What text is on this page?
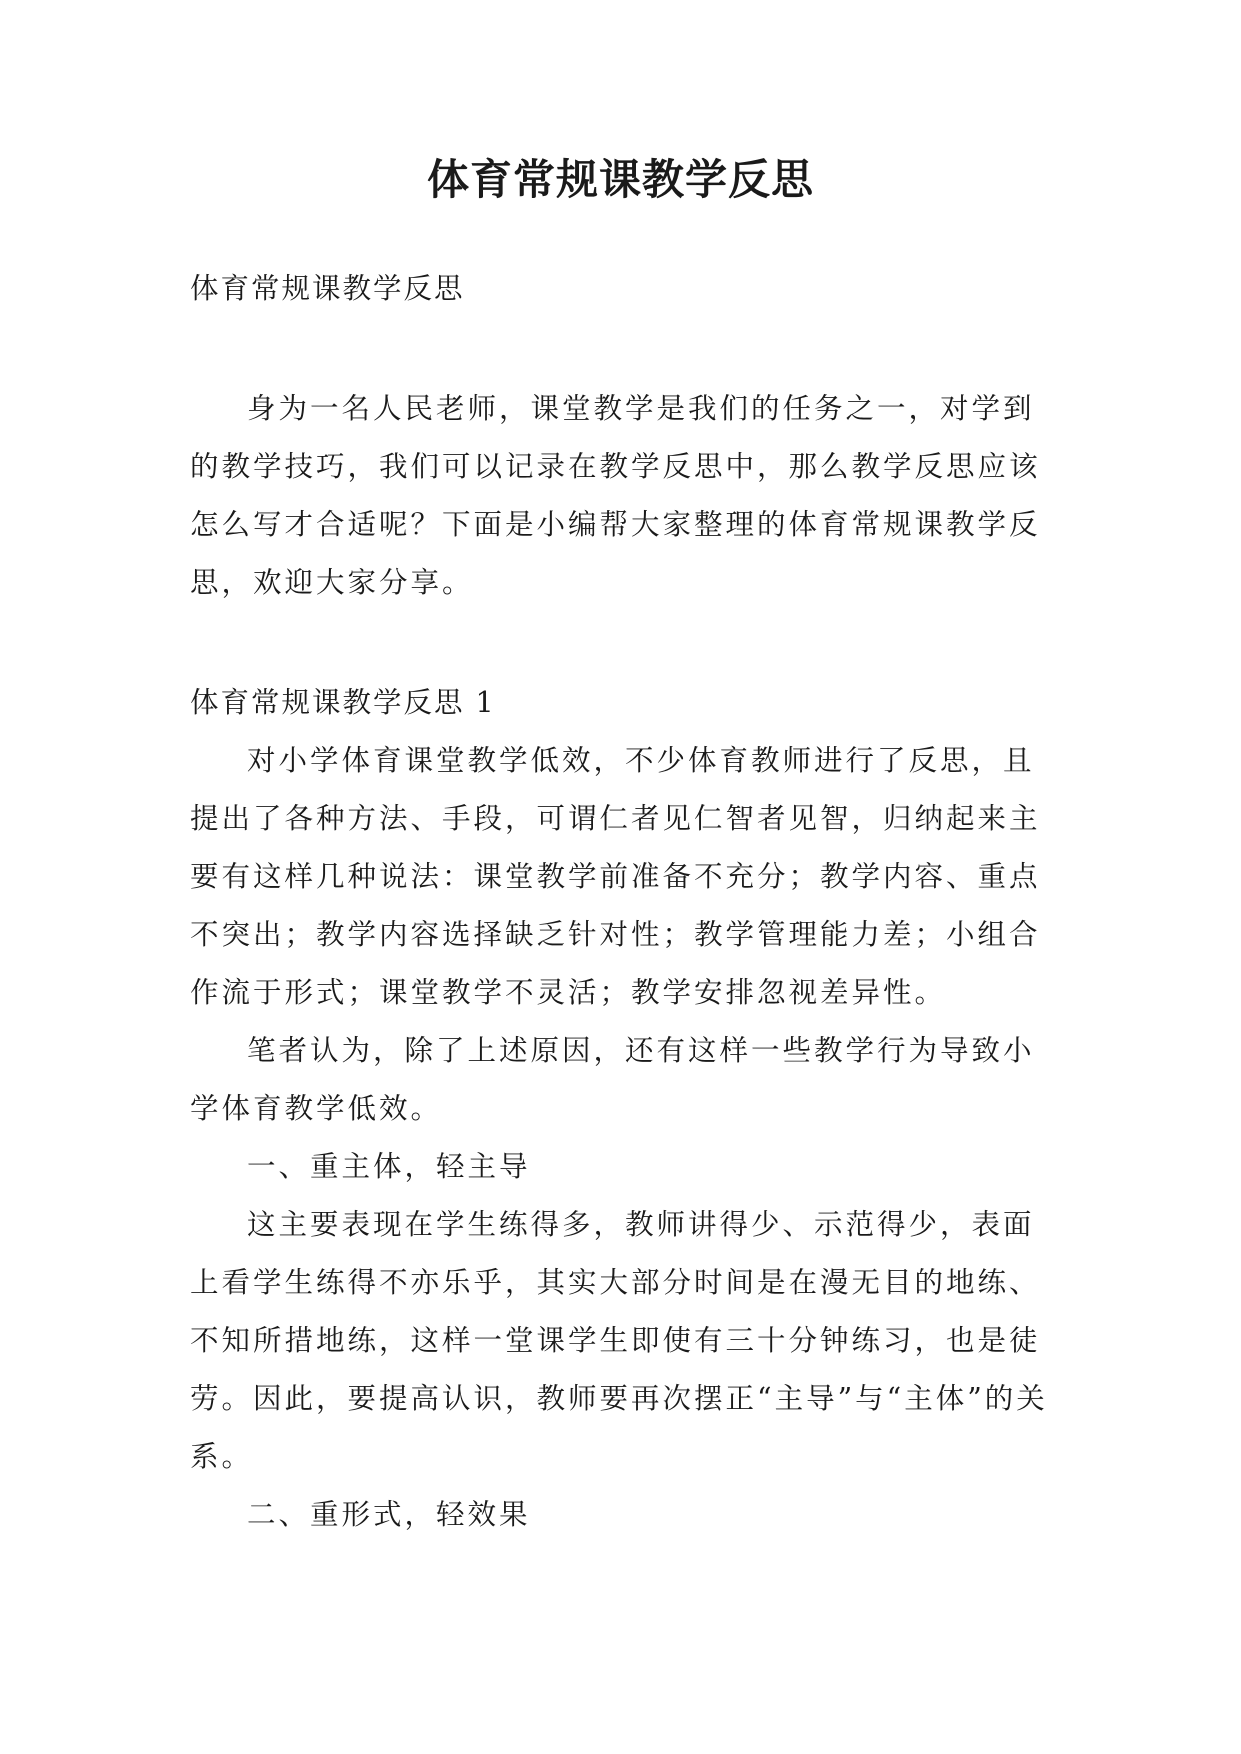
体育常规课教学反思

体育常规课教学反思

身为一名人民老师，课堂教学是我们的任务之一，对学到的教学技巧，我们可以记录在教学反思中，那么教学反思应该怎么写才合适呢？下面是小编帮大家整理的体育常规课教学反思，欢迎大家分享。

体育常规课教学反思 1

对小学体育课堂教学低效，不少体育教师进行了反思，且提出了各种方法、手段，可谓仁者见仁智者见智，归纳起来主要有这样几种说法：课堂教学前准备不充分；教学内容、重点不突出；教学内容选择缺乏针对性；教学管理能力差；小组合作流于形式；课堂教学不灵活；教学安排忽视差异性。

笔者认为，除了上述原因，还有这样一些教学行为导致小学体育教学低效。

一、重主体，轻主导

这主要表现在学生练得多，教师讲得少、示范得少，表面上看学生练得不亦乐乎，其实大部分时间是在漫无目的地练、不知所措地练，这样一堂课学生即使有三十分钟练习，也是徒劳。因此，要提高认识，教师要再次摆正“主导”与“主体”的关系。

二、重形式，轻效果
